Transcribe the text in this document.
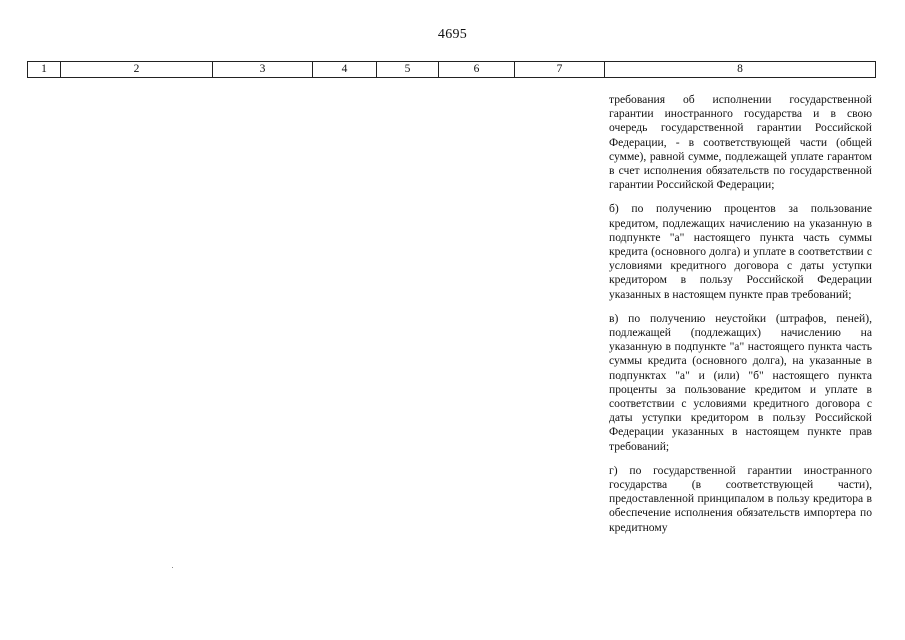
4695
1	2	3	4	5	6	7	8

требования об исполнении государственной гарантии иностранного государства и в свою очередь государственной гарантии Российской Федерации, - в соответствующей части (общей сумме), равной сумме, подлежащей уплате гарантом в счет исполнения обязательств по государственной гарантии Российской Федерации;

б) по получению процентов за пользование кредитом, подлежащих начислению на указанную в подпункте "а" настоящего пункта часть суммы кредита (основного долга) и уплате в соответствии с условиями кредитного договора с даты уступки кредитором в пользу Российской Федерации указанных в настоящем пункте прав требований;

в) по получению неустойки (штрафов, пеней), подлежащей (подлежащих) начислению на указанную в подпункте "а" настоящего пункта часть суммы кредита (основного долга), на указанные в подпунктах "а" и (или) "б" настоящего пункта проценты за пользование кредитом и уплате в соответствии с условиями кредитного договора с даты уступки кредитором в пользу Российской Федерации указанных в настоящем пункте прав требований;

г) по государственной гарантии иностранного государства (в соответствующей части), предоставленной принципалом в пользу кредитора в обеспечение исполнения обязательств импортера по кредитному
